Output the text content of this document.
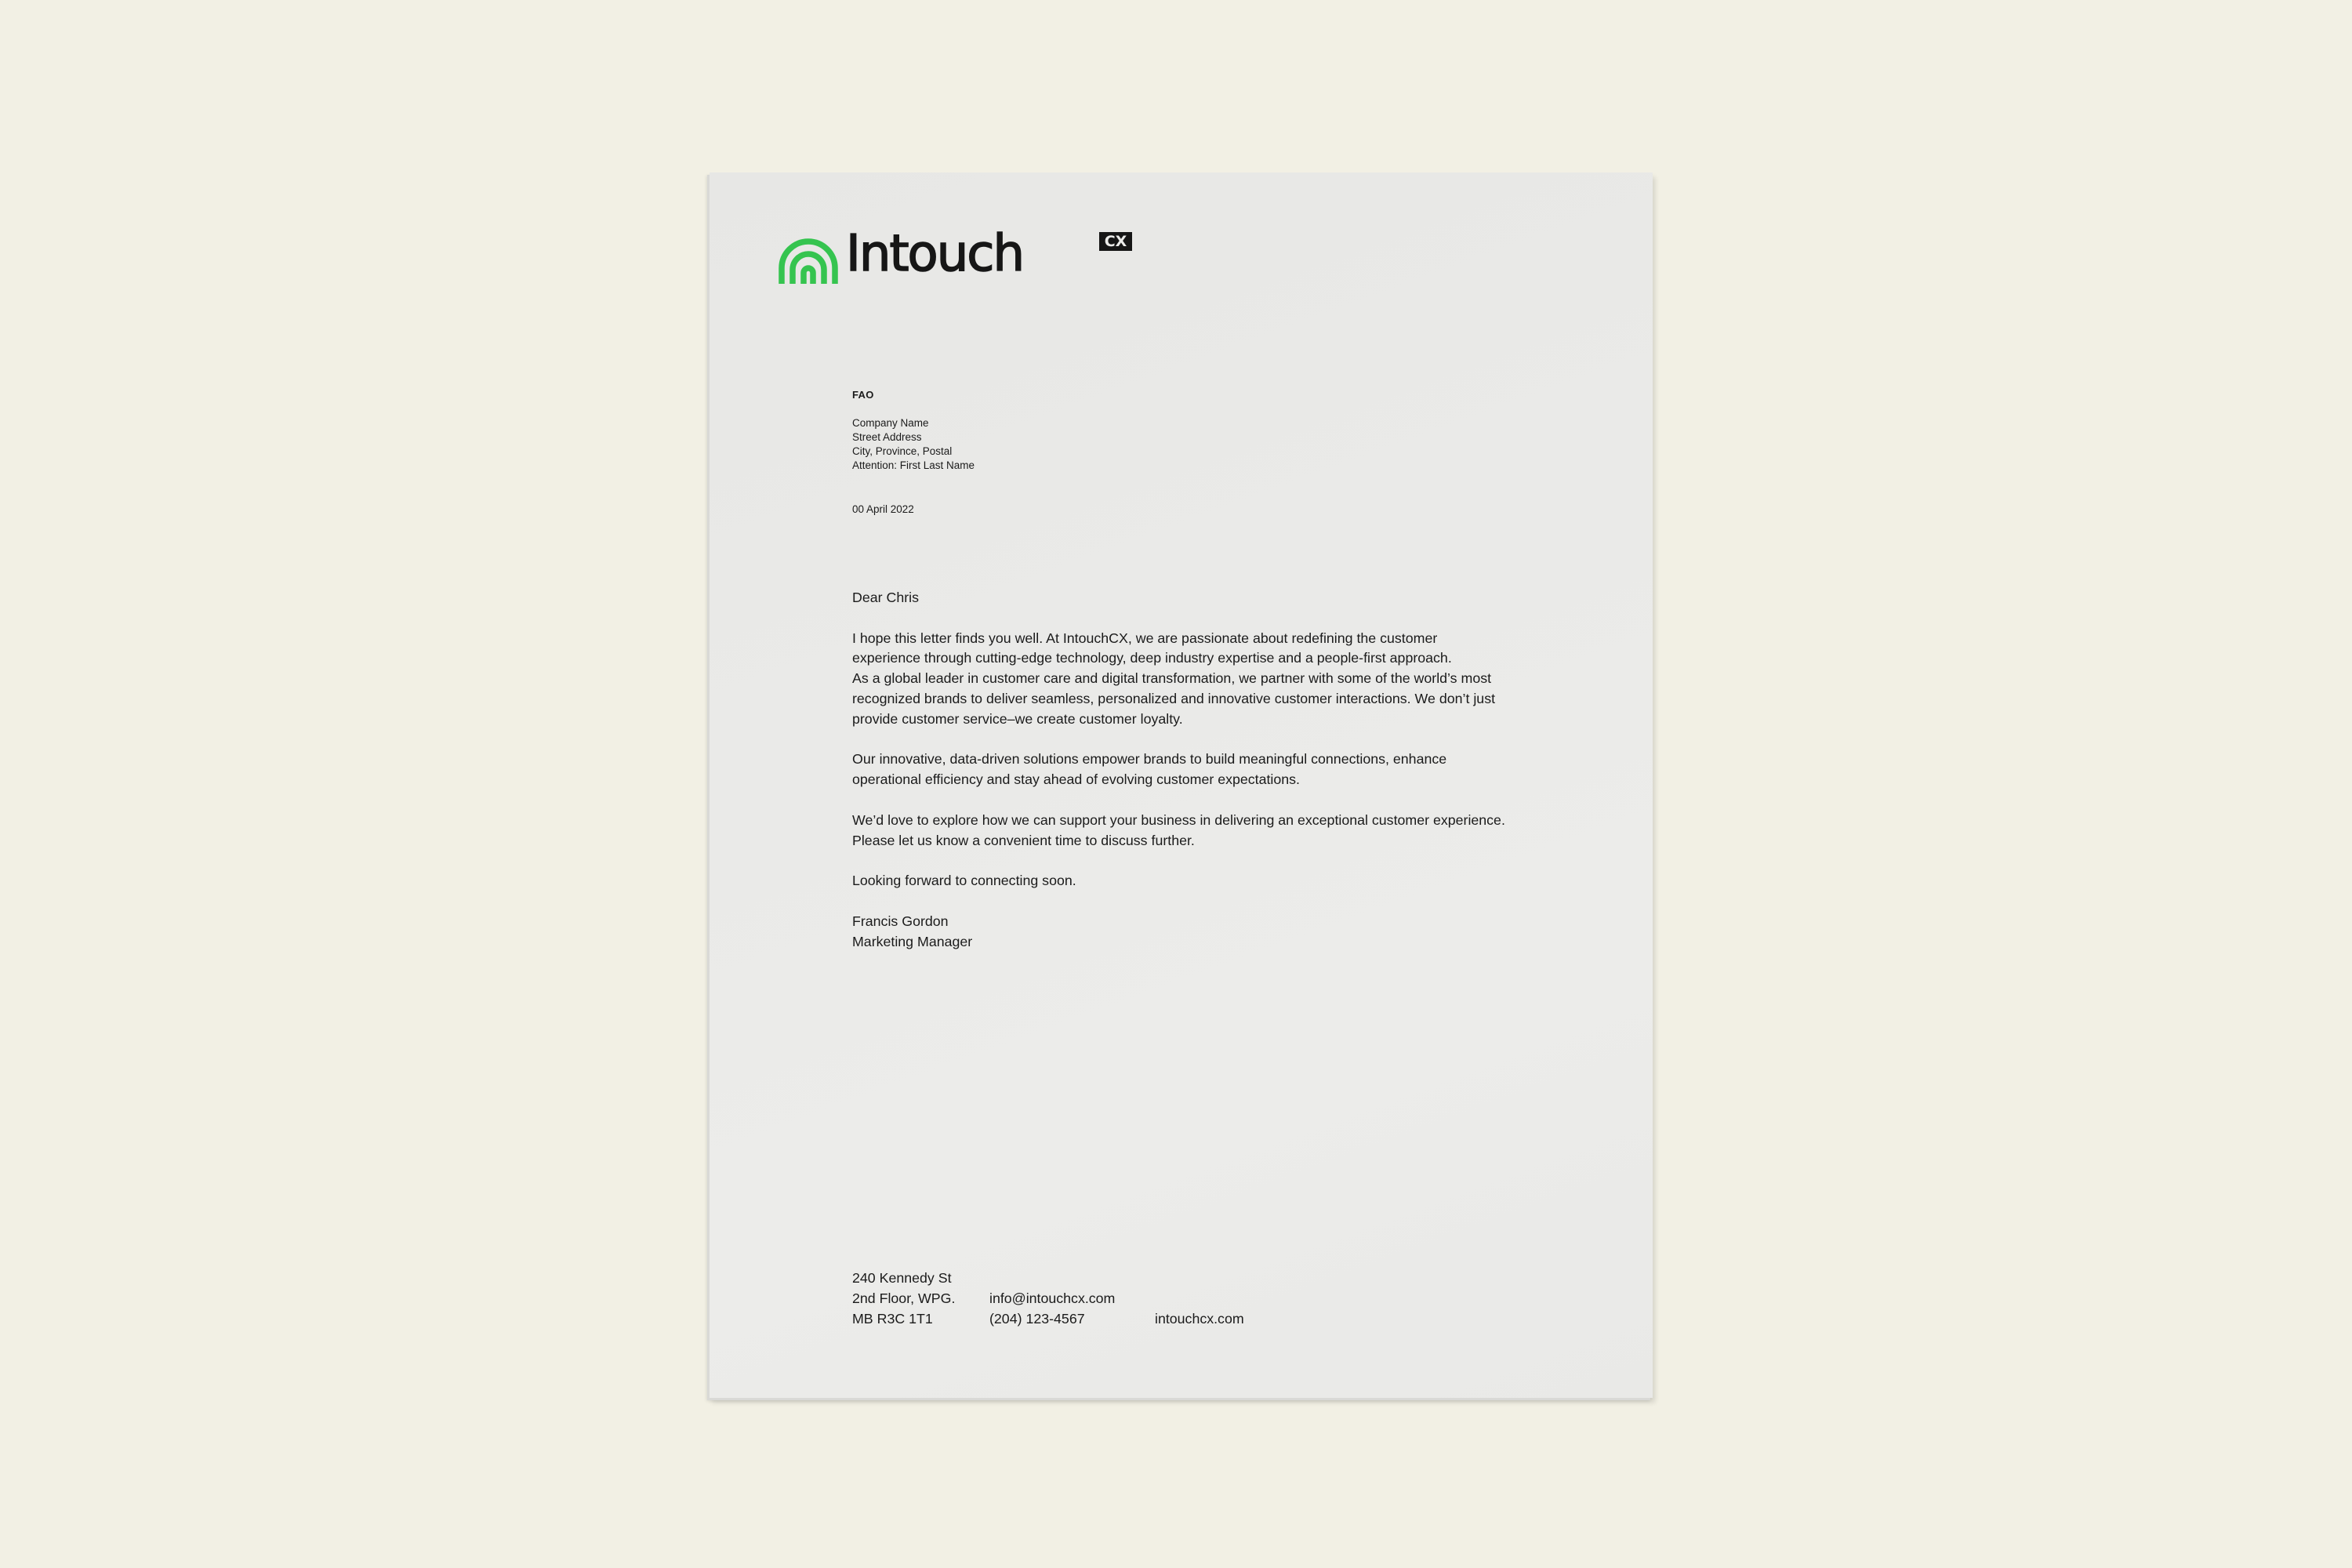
Intouch	CX
FAO
Company Name
Street Address
City, Province, Postal
Attention: First Last Name
00 April 2022

Dear Chris

I hope this letter finds you well. At IntouchCX, we are passionate about redefining the customer
experience through cutting-edge technology, deep industry expertise and a people-first approach.
As a global leader in customer care and digital transformation, we partner with some of the world’s most
recognized brands to deliver seamless, personalized and innovative customer interactions. We don’t just
provide customer service–we create customer loyalty.

Our innovative, data-driven solutions empower brands to build meaningful connections, enhance
operational efficiency and stay ahead of evolving customer expectations.

We’d love to explore how we can support your business in delivering an exceptional customer experience.
Please let us know a convenient time to discuss further.

Looking forward to connecting soon.

Francis Gordon
Marketing Manager

240 Kennedy St
2nd Floor, WPG.
MB R3C 1T1
info@intouchcx.com
(204) 123-4567	intouchcx.com
